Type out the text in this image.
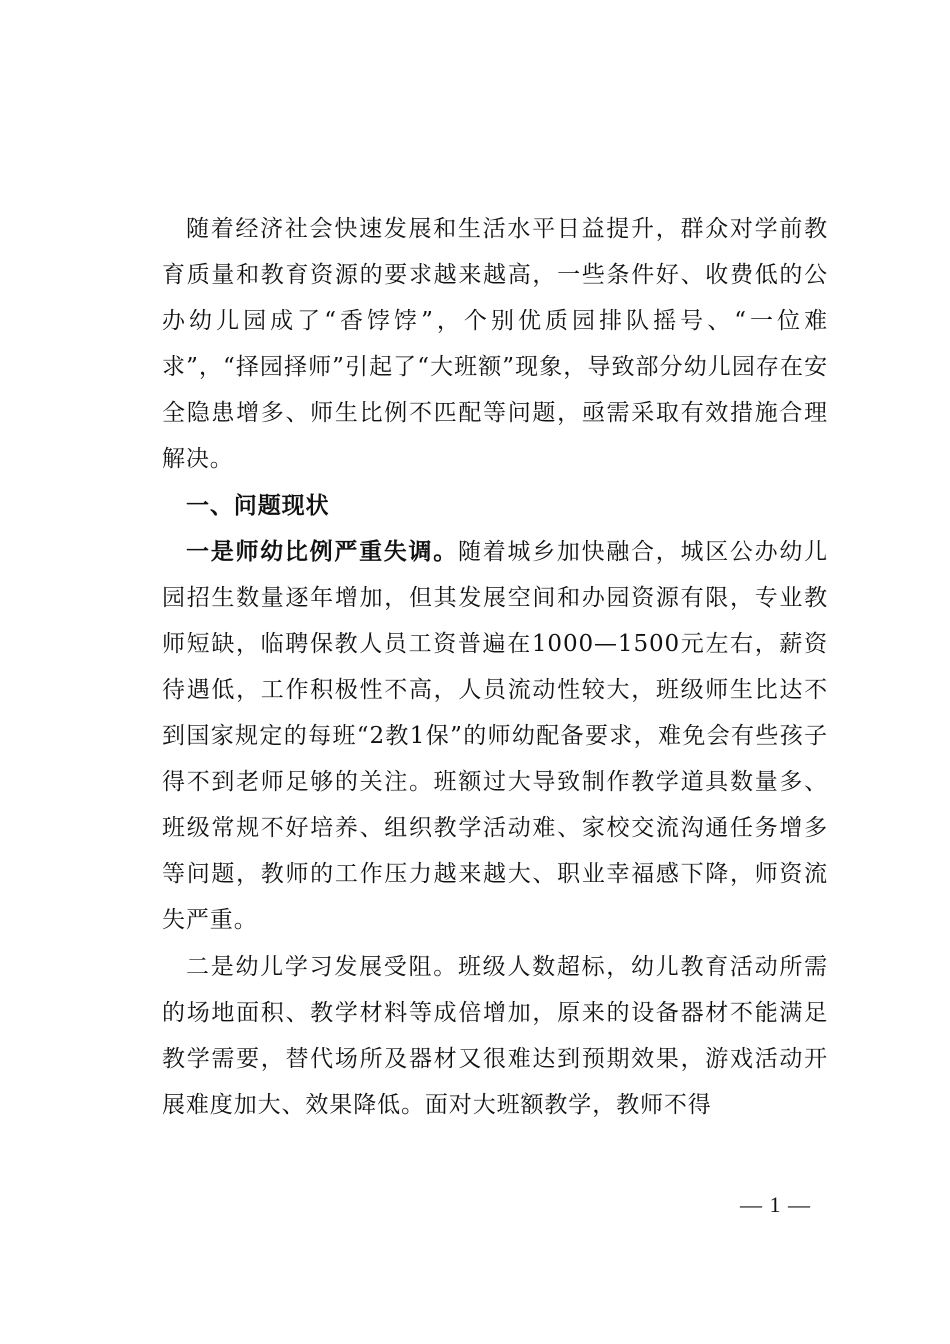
随着经济社会快速发展和生活水平日益提升，群众对学前教育质量和教育资源的要求越来越高，一些条件好、收费低的公办幼儿园成了“香饽饽”，个别优质园排队摇号、“一位难求”，“择园择师”引起了“大班额”现象，导致部分幼儿园存在安全隐患增多、师生比例不匹配等问题，亟需采取有效措施合理解决。

一、问题现状

一是师幼比例严重失调。随着城乡加快融合，城区公办幼儿园招生数量逐年增加，但其发展空间和办园资源有限，专业教师短缺，临聘保教人员工资普遍在1000—1500元左右，薪资待遇低，工作积极性不高，人员流动性较大，班级师生比达不到国家规定的每班“2教1保”的师幼配备要求，难免会有些孩子得不到老师足够的关注。班额过大导致制作教学道具数量多、班级常规不好培养、组织教学活动难、家校交流沟通任务增多等问题，教师的工作压力越来越大、职业幸福感下降，师资流失严重。

二是幼儿学习发展受阻。班级人数超标，幼儿教育活动所需的场地面积、教学材料等成倍增加，原来的设备器材不能满足教学需要，替代场所及器材又很难达到预期效果，游戏活动开展难度加大、效果降低。面对大班额教学，教师不得

— 1 —
